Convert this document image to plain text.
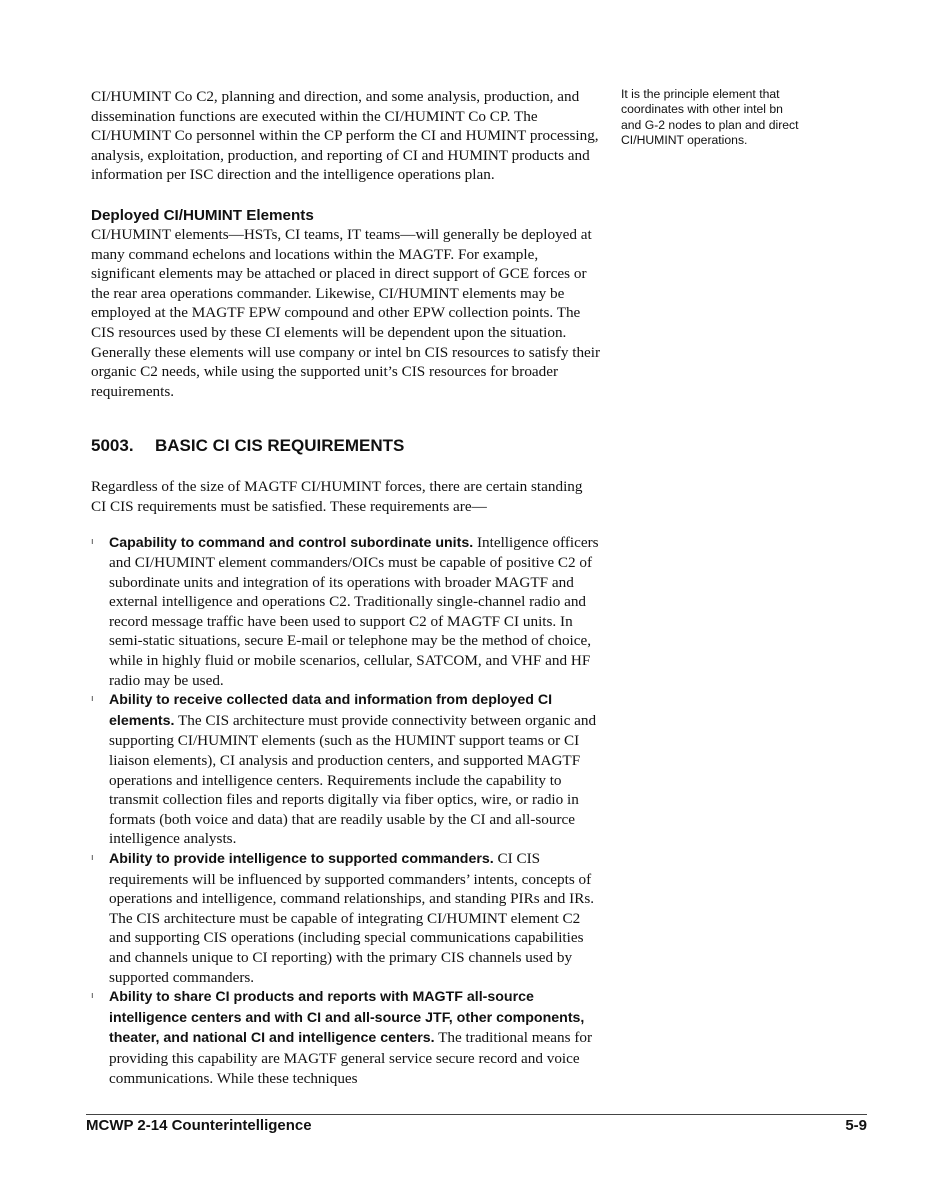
CI/HUMINT Co C2, planning and direction, and some analysis, production, and dissemination functions are executed within the CI/HUMINT Co CP. The CI/HUMINT Co personnel within the CP perform the CI and HUMINT processing, analysis, exploitation, production, and reporting of CI and HUMINT products and information per ISC direction and the intelligence operations plan.

Deployed CI/HUMINT Elements

CI/HUMINT elements—HSTs, CI teams, IT teams—will generally be deployed at many command echelons and locations within the MAGTF. For example, significant elements may be attached or placed in direct support of GCE forces or the rear area operations commander. Likewise, CI/HUMINT elements may be employed at the MAGTF EPW compound and other EPW collection points. The CIS resources used by these CI elements will be dependent upon the situation. Generally these elements will use company or intel bn CIS resources to satisfy their organic C2 needs, while using the supported unit’s CIS resources for broader requirements.

5003. BASIC CI CIS REQUIREMENTS

Regardless of the size of MAGTF CI/HUMINT forces, there are certain standing CI CIS requirements must be satisfied. These requirements are—

ı Capability to command and control subordinate units. Intelligence officers and CI/HUMINT element commanders/OICs must be capable of positive C2 of subordinate units and integration of its operations with broader MAGTF and external intelligence and operations C2. Traditionally single-channel radio and record message traffic have been used to support C2 of MAGTF CI units. In semi-static situations, secure E-mail or telephone may be the method of choice, while in highly fluid or mobile scenarios, cellular, SATCOM, and VHF and HF radio may be used.
ı Ability to receive collected data and information from deployed CI elements. The CIS architecture must provide connectivity between organic and supporting CI/HUMINT elements (such as the HUMINT support teams or CI liaison elements), CI analysis and production centers, and supported MAGTF operations and intelligence centers. Requirements include the capability to transmit collection files and reports digitally via fiber optics, wire, or radio in formats (both voice and data) that are readily usable by the CI and all-source intelligence analysts.
ı Ability to provide intelligence to supported commanders. CI CIS requirements will be influenced by supported commanders’ intents, concepts of operations and intelligence, command relationships, and standing PIRs and IRs. The CIS architecture must be capable of integrating CI/HUMINT element C2 and supporting CIS operations (including special communications capabilities and channels unique to CI reporting) with the primary CIS channels used by supported commanders.
ı Ability to share CI products and reports with MAGTF all-source intelligence centers and with CI and all-source JTF, other components, theater, and national CI and intelligence centers. The traditional means for providing this capability are MAGTF general service secure record and voice communications. While these techniques
It is the principle element that coordinates with other intel bn and G-2 nodes to plan and direct CI/HUMINT operations.
MCWP 2-14 Counterintelligence	5-9
